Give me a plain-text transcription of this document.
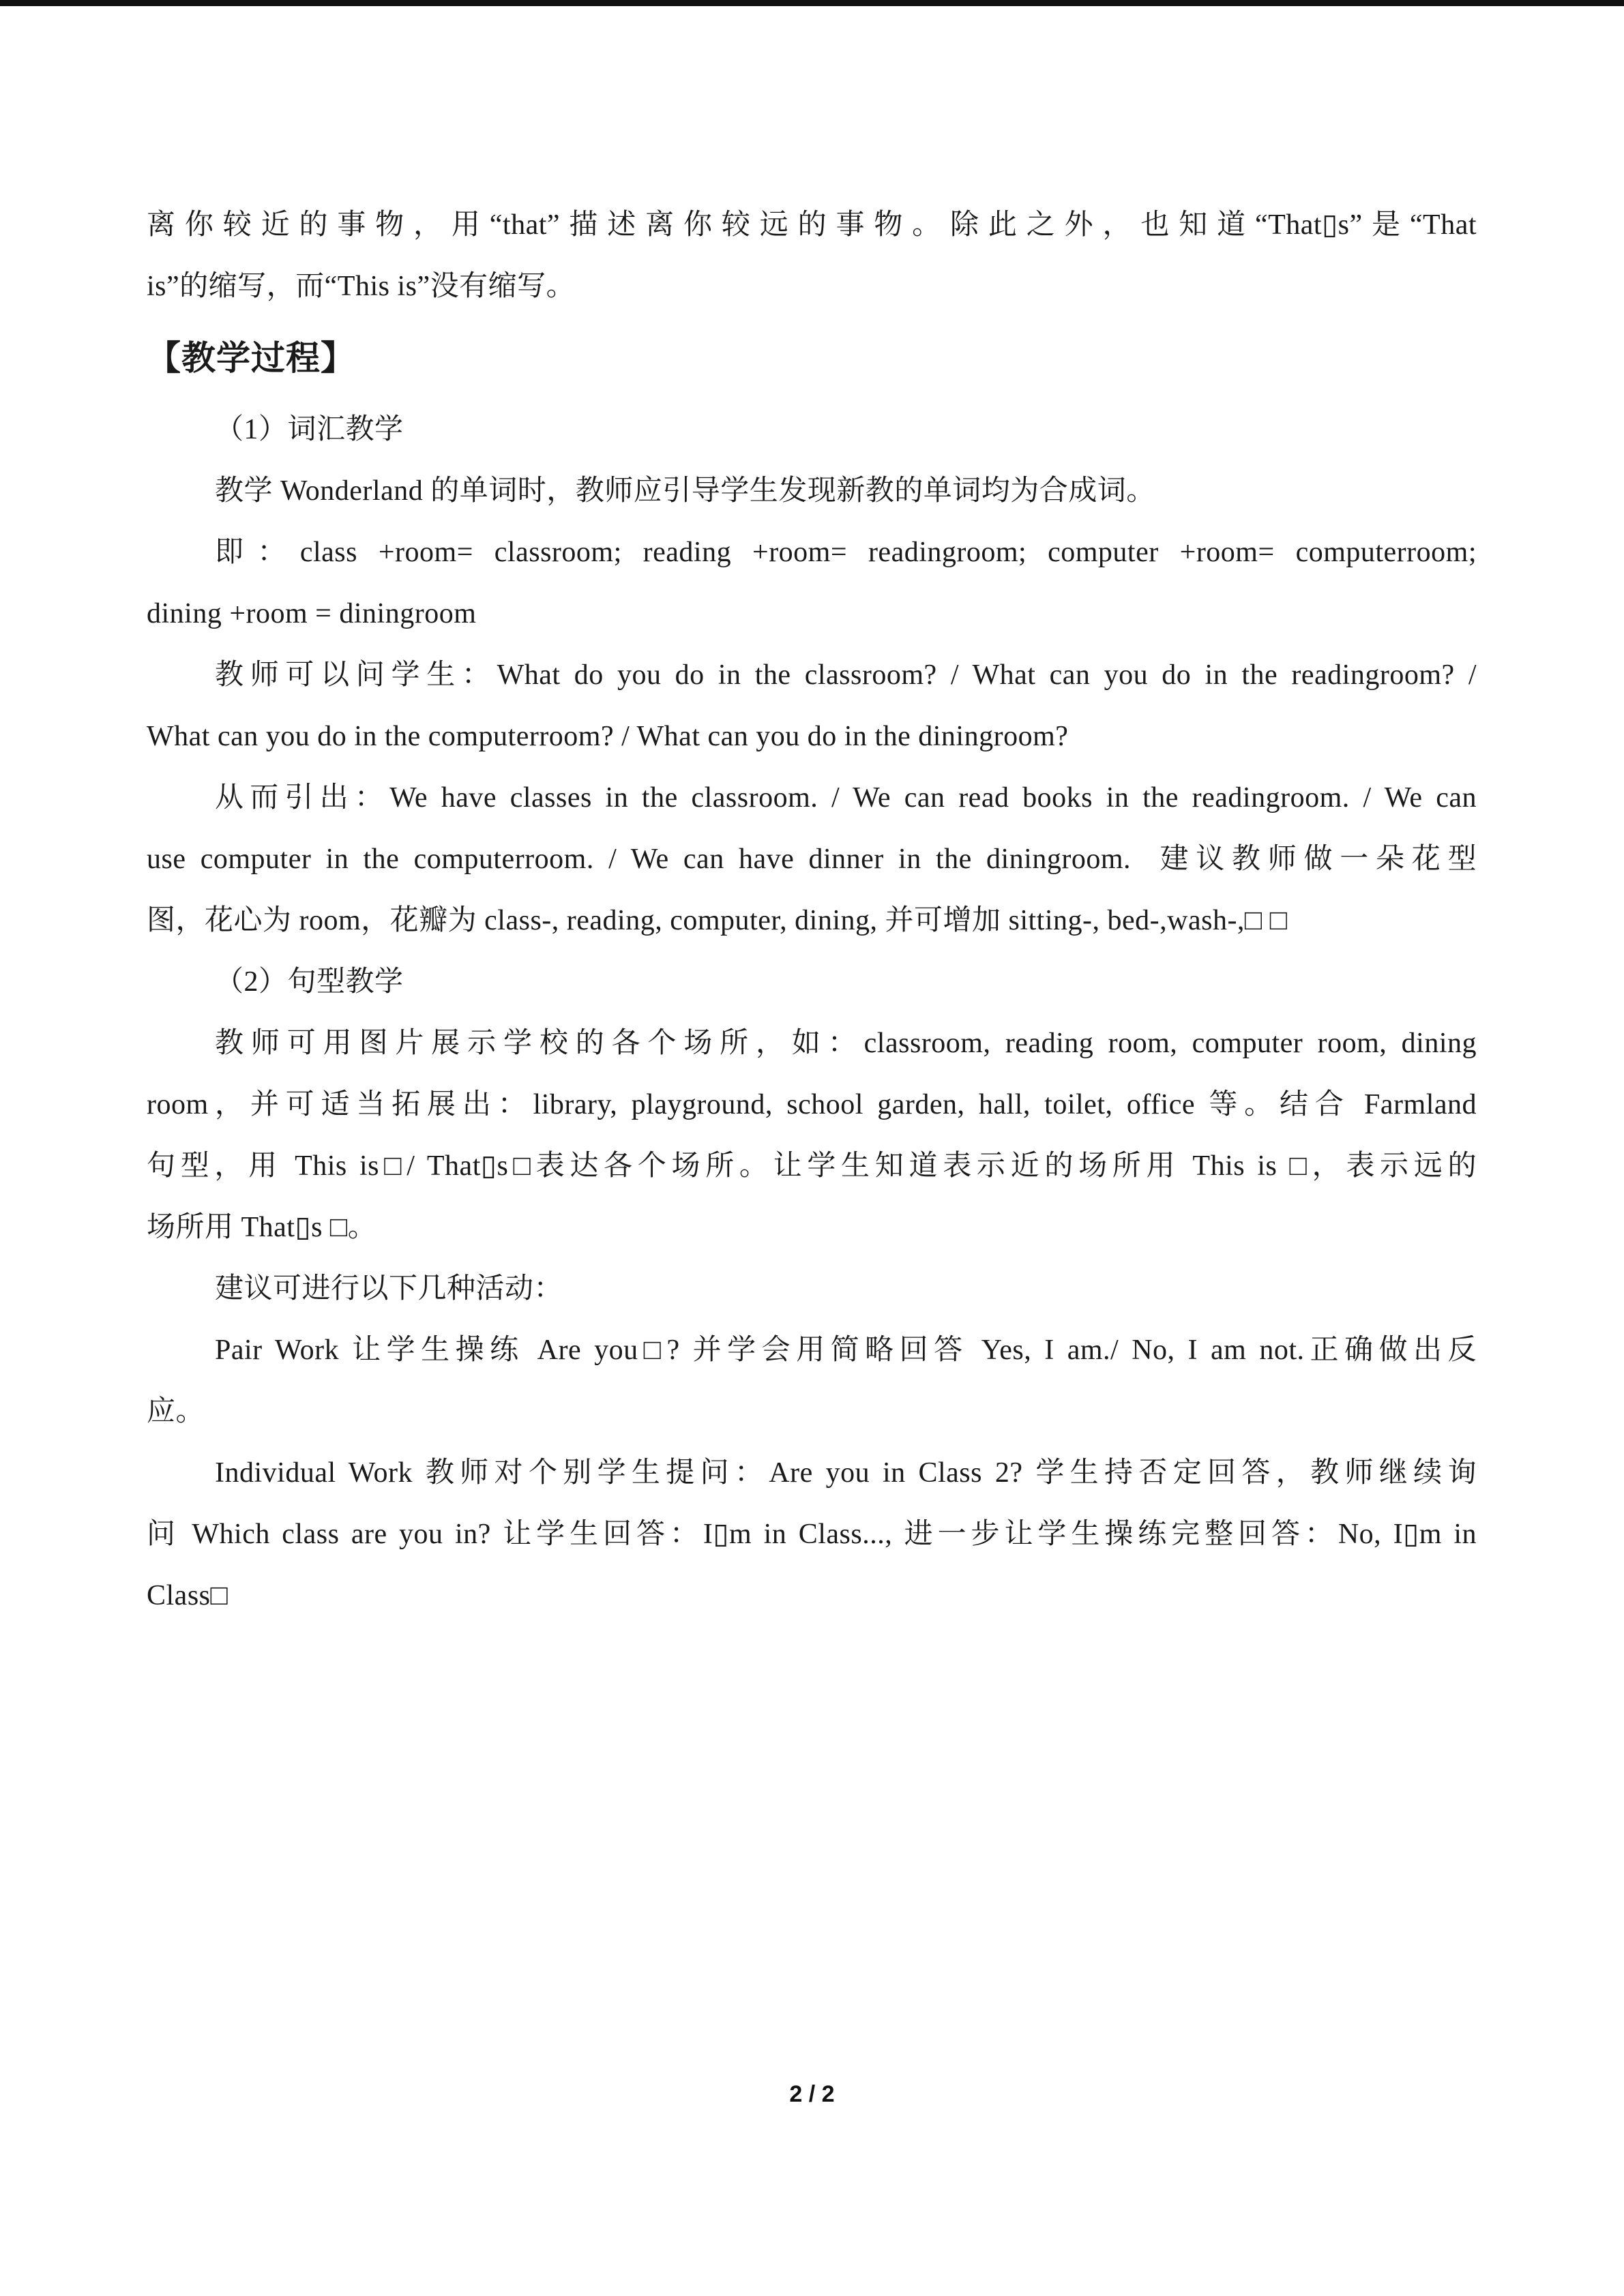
离你较近的事物，用“that”描述离你较远的事物。除此之外，也知道“That▯s”是“That
is”的缩写，而“This is”没有缩写。
【教学过程】
（1）词汇教学
教学 Wonderland 的单词时，教师应引导学生发现新教的单词均为合成词。
即：class +room= classroom; reading +room= readingroom; computer +room= computerroom;
dining +room = diningroom
教师可以问学生：What do you do in the classroom? / What can you do in the readingroom? /
What can you do in the computerroom? / What can you do in the diningroom?
从而引出：We have classes in the classroom. / We can read books in the readingroom. / We can
use computer in the computerroom. / We can have dinner in the diningroom.  建议教师做一朵花型
图，花心为 room，花瓣为 class-, reading, computer, dining, 并可增加 sitting-, bed-,wash-,□ □
（2）句型教学
教师可用图片展示学校的各个场所，如：classroom, reading room, computer room, dining
room，并可适当拓展出：library, playground, school garden, hall, toilet, office 等。结合 Farmland
句型，用 This is□/ That▯s□表达各个场所。让学生知道表示近的场所用 This is □，表示远的
场所用 That▯s □。
建议可进行以下几种活动：
Pair Work 让学生操练 Are you□? 并学会用简略回答 Yes, I am./ No, I am not.正确做出反
应。
Individual Work 教师对个别学生提问：Are you in Class 2? 学生持否定回答，教师继续询
问 Which class are you in? 让学生回答：I▯m in Class..., 进一步让学生操练完整回答：No, I▯m in
Class□
2 / 2
